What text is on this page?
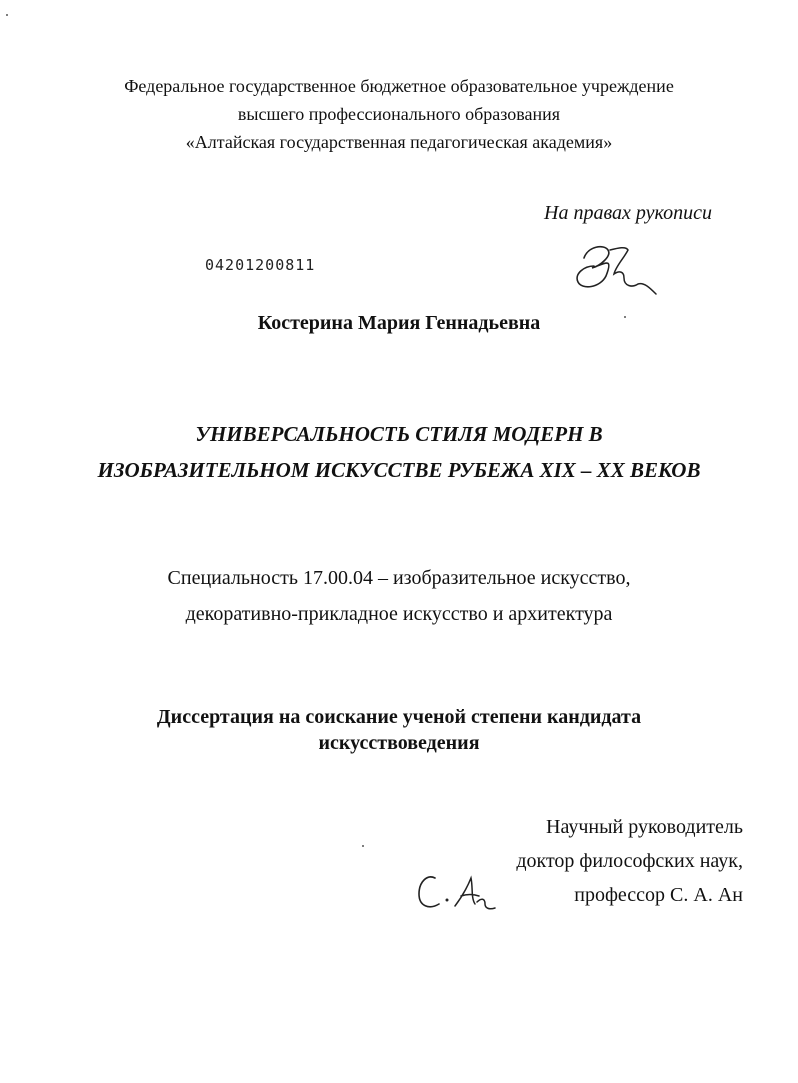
Федеральное государственное бюджетное образовательное учреждение
высшего профессионального образования
«Алтайская государственная педагогическая академия»
На правах рукописи
04201200811
Костерина Мария Геннадьевна
УНИВЕРСАЛЬНОСТЬ СТИЛЯ МОДЕРН В
ИЗОБРАЗИТЕЛЬНОМ ИСКУССТВЕ РУБЕЖА XIX – XX ВЕКОВ
Специальность 17.00.04 – изобразительное искусство,
декоративно-прикладное искусство и архитектура
Диссертация на соискание ученой степени кандидата
искусствоведения
Научный руководитель
доктор философских наук,
профессор С. А. Ан
